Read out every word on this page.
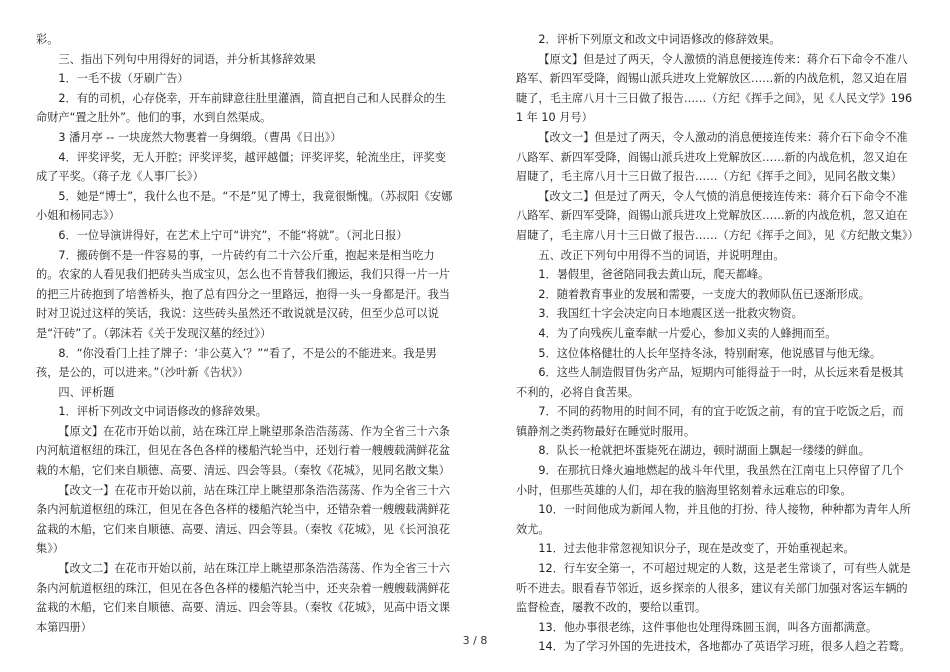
彩。

三、指出下列句中用得好的词语，并分析其修辞效果

1．一毛不拔（牙刷广告）

2．有的司机，心存侥幸，开车前肆意往肚里灌酒，简直把自己和人民群众的生命财产“置之肚外”。他们的事，水到自然渠成。

3 潘月亭 -- 一块庞然大物裹着一身绸缎。（曹禺《日出》）

4．评奖评奖，无人开腔；评奖评奖，越评越僵；评奖评奖，轮流坐庄，评奖变成了平奖。（蒋子龙《人事厂长》）

5．她是“博士”，我什么也不是。“不是”见了博士，我竟很惭愧。（苏叔阳《安娜小姐和杨同志》）

6．一位导演讲得好，在艺术上宁可“讲究”，不能“将就”。（河北日报）

7．搬砖倒不是一件容易的事，一片砖约有二十六公斤重，抱起来是相当吃力的。农家的人看见我们把砖头当成宝贝，怎么也不肯替我们搬运，我们只得一片一片的把三片砖抱到了培善桥头，抱了总有四分之一里路远，抱得一头一身都是汗。我当时对卫说过这样的笑话，我说：这些砖头虽然还不敢说就是汉砖，但至少总可以说是“汗砖”了。（郭沫若《关于发现汉墓的经过》）

8．“你没看门上挂了牌子：‘非公莫入’？”“看了，不是公的不能进来。我是男孩，是公的，可以进来。”（沙叶新《告状》）

四、评析题

1．评析下列改文中词语修改的修辞效果。

【原文】在花市开始以前，站在珠江岸上眺望那条浩浩荡荡、作为全省三十六条内河航道枢纽的珠江，但见在各色各样的楼船汽轮当中，还划行着一艘艘载满鲜花盆栽的木船，它们来自顺德、高要、清远、四会等县。（秦牧《花城》，见同名散文集）

【改文一】在花市开始以前，站在珠江岸上眺望那条浩浩荡荡、作为全省三十六条内河航道枢纽的珠江，但见在各色各样的楼船汽轮当中，还错杂着一艘艘载满鲜花盆栽的木船，它们来自顺德、高要、清远、四会等县。（秦牧《花城》，见《长河浪花集》）

【改文二】在花市开始以前，站在珠江岸上眺望那条浩浩荡荡、作为全省三十六条内河航道枢纽的珠江，但见在各色各样的楼船汽轮当中，还夹杂着一艘艘载满鲜花盆栽的木船，它们来自顺德、高要、清远、四会等县。（秦牧《花城》，见高中语文课本第四册）

2．评析下列原文和改文中词语修改的修辞效果。

【原文】但是过了两天，令人激愤的消息便接连传来：蒋介石下命令不准八路军、新四军受降，阎锡山派兵进攻上党解放区……新的内战危机，忽又迫在眉睫了，毛主席八月十三日做了报告……（方纪《挥手之间》，见《人民文学》1961 年 10 月号）

【改文一】但是过了两天，令人激动的消息便接连传来：蒋介石下命令不准八路军、新四军受降，阎锡山派兵进攻上党解放区……新的内战危机，忽又迫在眉睫了，毛主席八月十三日做了报告……（方纪《挥手之间》，见同名散文集）

【改文二】但是过了两天，令人气愤的消息便接连传来：蒋介石下命令不准八路军、新四军受降，阎锡山派兵进攻上党解放区……新的内战危机，忽又迫在眉睫了，毛主席八月十三日做了报告……（方纪《挥手之间》，见《方纪散文集》）

五、改正下列句中用得不当的词语，并说明理由。

1．暑假里，爸爸陪同我去黄山玩，爬天都峰。

2．随着教育事业的发展和需要，一支庞大的教师队伍已逐渐形成。

3．我国红十字会决定向日本地震区送一批救灾物资。

4．为了向残疾儿童奉献一片爱心，参加义卖的人蜂拥而至。

5．这位体格健壮的人长年坚持冬泳，特别耐寒，他说感冒与他无缘。

6．这些人制造假冒伪劣产品，短期内可能得益于一时，从长远来看是极其不利的，必将自食苦果。

7．不同的药物用的时间不同，有的宜于吃饭之前，有的宜于吃饭之后，而镇静剂之类药物最好在睡觉时服用。

8．队长一枪就把坏蛋毙死在湖边，顿时湖面上飘起一缕缕的鲜血。

9．在那抗日烽火遍地燃起的战斗年代里，我虽然在江南屯上只停留了几个小时，但那些英雄的人们，却在我的脑海里铭刻着永远难忘的印象。

10．一时间他成为新闻人物，并且他的打扮、待人接物，种种都为青年人所效尤。

11．过去他非常忽视知识分子，现在是改变了，开始重视起来。

12．行车安全第一，不可超过规定的人数，这是老生常谈了，可有些人就是听不进去。眼看春节邻近，返乡探亲的人很多，建议有关部门加强对客运车辆的监督检查，屡教不改的，要给以重罚。

13．他办事很老练，这件事他也处理得珠圆玉润，叫各方面都满意。

14．为了学习外国的先进技术，各地都办了英语学习班，很多人趋之若鹜。

3 / 8
